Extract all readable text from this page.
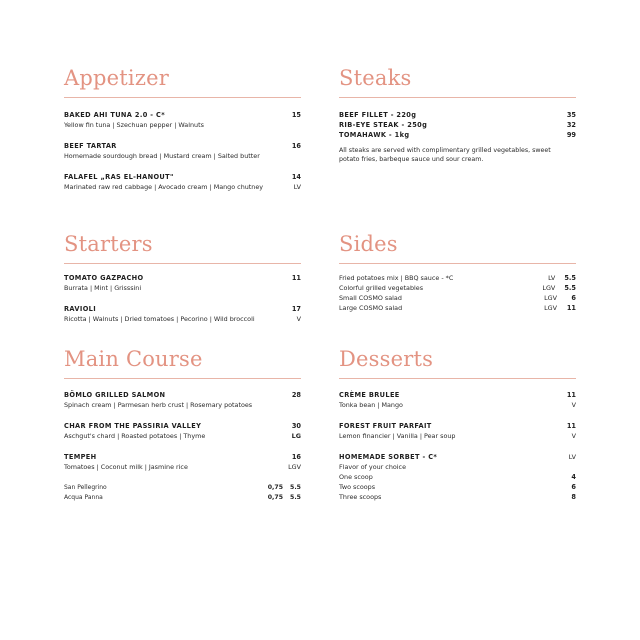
Appetizer
BAKED AHI TUNA 2.0 - C*	15
Yellow fin tuna | Szechuan pepper | Walnuts
BEEF TARTAR	16
Homemade sourdough bread | Mustard cream | Salted butter
FALAFEL „RAS EL-HANOUT"	14
Marinated raw red cabbage | Avocado cream | Mango chutney	LV
Starters
TOMATO GAZPACHO	11
Burrata | Mint | Grisssini
RAVIOLI	17
Ricotta | Walnuts | Dried tomatoes | Pecorino | Wild broccoli	V
Main Course
BÖMLO GRILLED SALMON	28
Spinach cream | Parmesan herb crust | Rosemary potatoes
CHAR FROM THE PASSIRIA VALLEY	30
Aschgut's chard | Roasted potatoes | Thyme	LG
TEMPEH	16
Tomatoes | Coconut milk | Jasmine rice	LGV
San Pellegrino	0,75 5.5
Acqua Panna	0,75 5.5
Steaks
BEEF FILLET - 220g	35
RIB-EYE STEAK - 250g	32
TOMAHAWK - 1kg	99
All steaks are served with complimentary grilled vegetables, sweet potato fries, barbeque sauce und sour cream.
Sides
Fried potatoes mix | BBQ sauce - *C	LV 5.5
Colorful grilled vegetables	LGV 5.5
Small COSMO salad	LGV	6
Large COSMO salad	LGV 11
Desserts
CRÈME BRULEE	11
Tonka bean | Mango	V
FOREST FRUIT PARFAIT	11
Lemon financier | Vanilla | Pear soup	V
HOMEMADE SORBET - C*	LV
Flavor of your choice
One scoop	4
Two scoops	6
Three scoops	8
